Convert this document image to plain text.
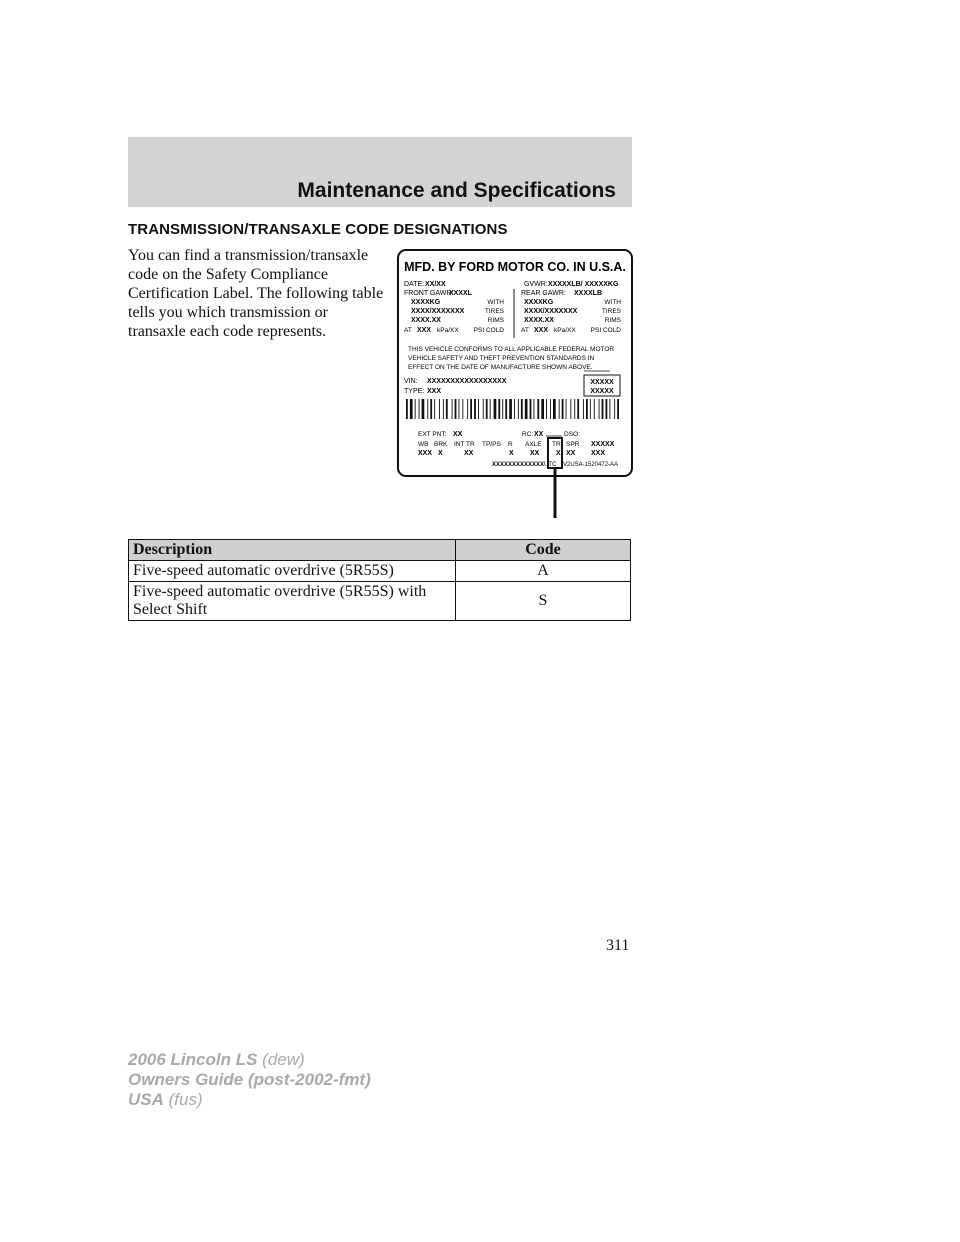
Maintenance and Specifications
TRANSMISSION/TRANSAXLE CODE DESIGNATIONS

You can find a transmission/transaxle code on the Safety Compliance Certification Label. The following table tells you which transmission or transaxle each code represents.

MFD. BY FORD MOTOR CO. IN U.S.A.
DATE: XX/XX	GVWR: XXXXXLB/ XXXXXKG
FRONT GAWR:
XXXXL	REAR GAWR: XXXXLB
XXXXKG	WITH	XXXXKG	WITH
XXXX/XXXXXXX	TIRES	XXXX/XXXXXXX	TIRES
XXXX.XX	RIMS	XXXX.XX	RIMS
AT XXX kPa/XX PSI COLD	AT XXX kPa/XX PSI COLD
THIS VEHICLE CONFORMS TO ALL APPLICABLE FEDERAL MOTOR
VEHICLE SAFETY AND THEFT PREVENTION STANDARDS IN
EFFECT ON THE DATE OF MANUFACTURE SHOWN ABOVE.
VIN: XXXXXXXXXXXXXXXXX
TYPE: XXX
XXXXX
XXXXX
EXT PNT: XX	RC: XX	DSO:
WB BRK INT TR TP/PS R AXLE TR SPR XXXXX
XXX X	XX	X XX X XX XXX
XXXXXXXXXXXXX UTC V2USA-1520472-AA
Description	Code
Five-speed automatic overdrive (5R55S)	A
Five-speed automatic overdrive (5R55S) with Select Shift	S
311
2006 Lincoln LS (dew)
Owners Guide (post-2002-fmt)
USA (fus)
